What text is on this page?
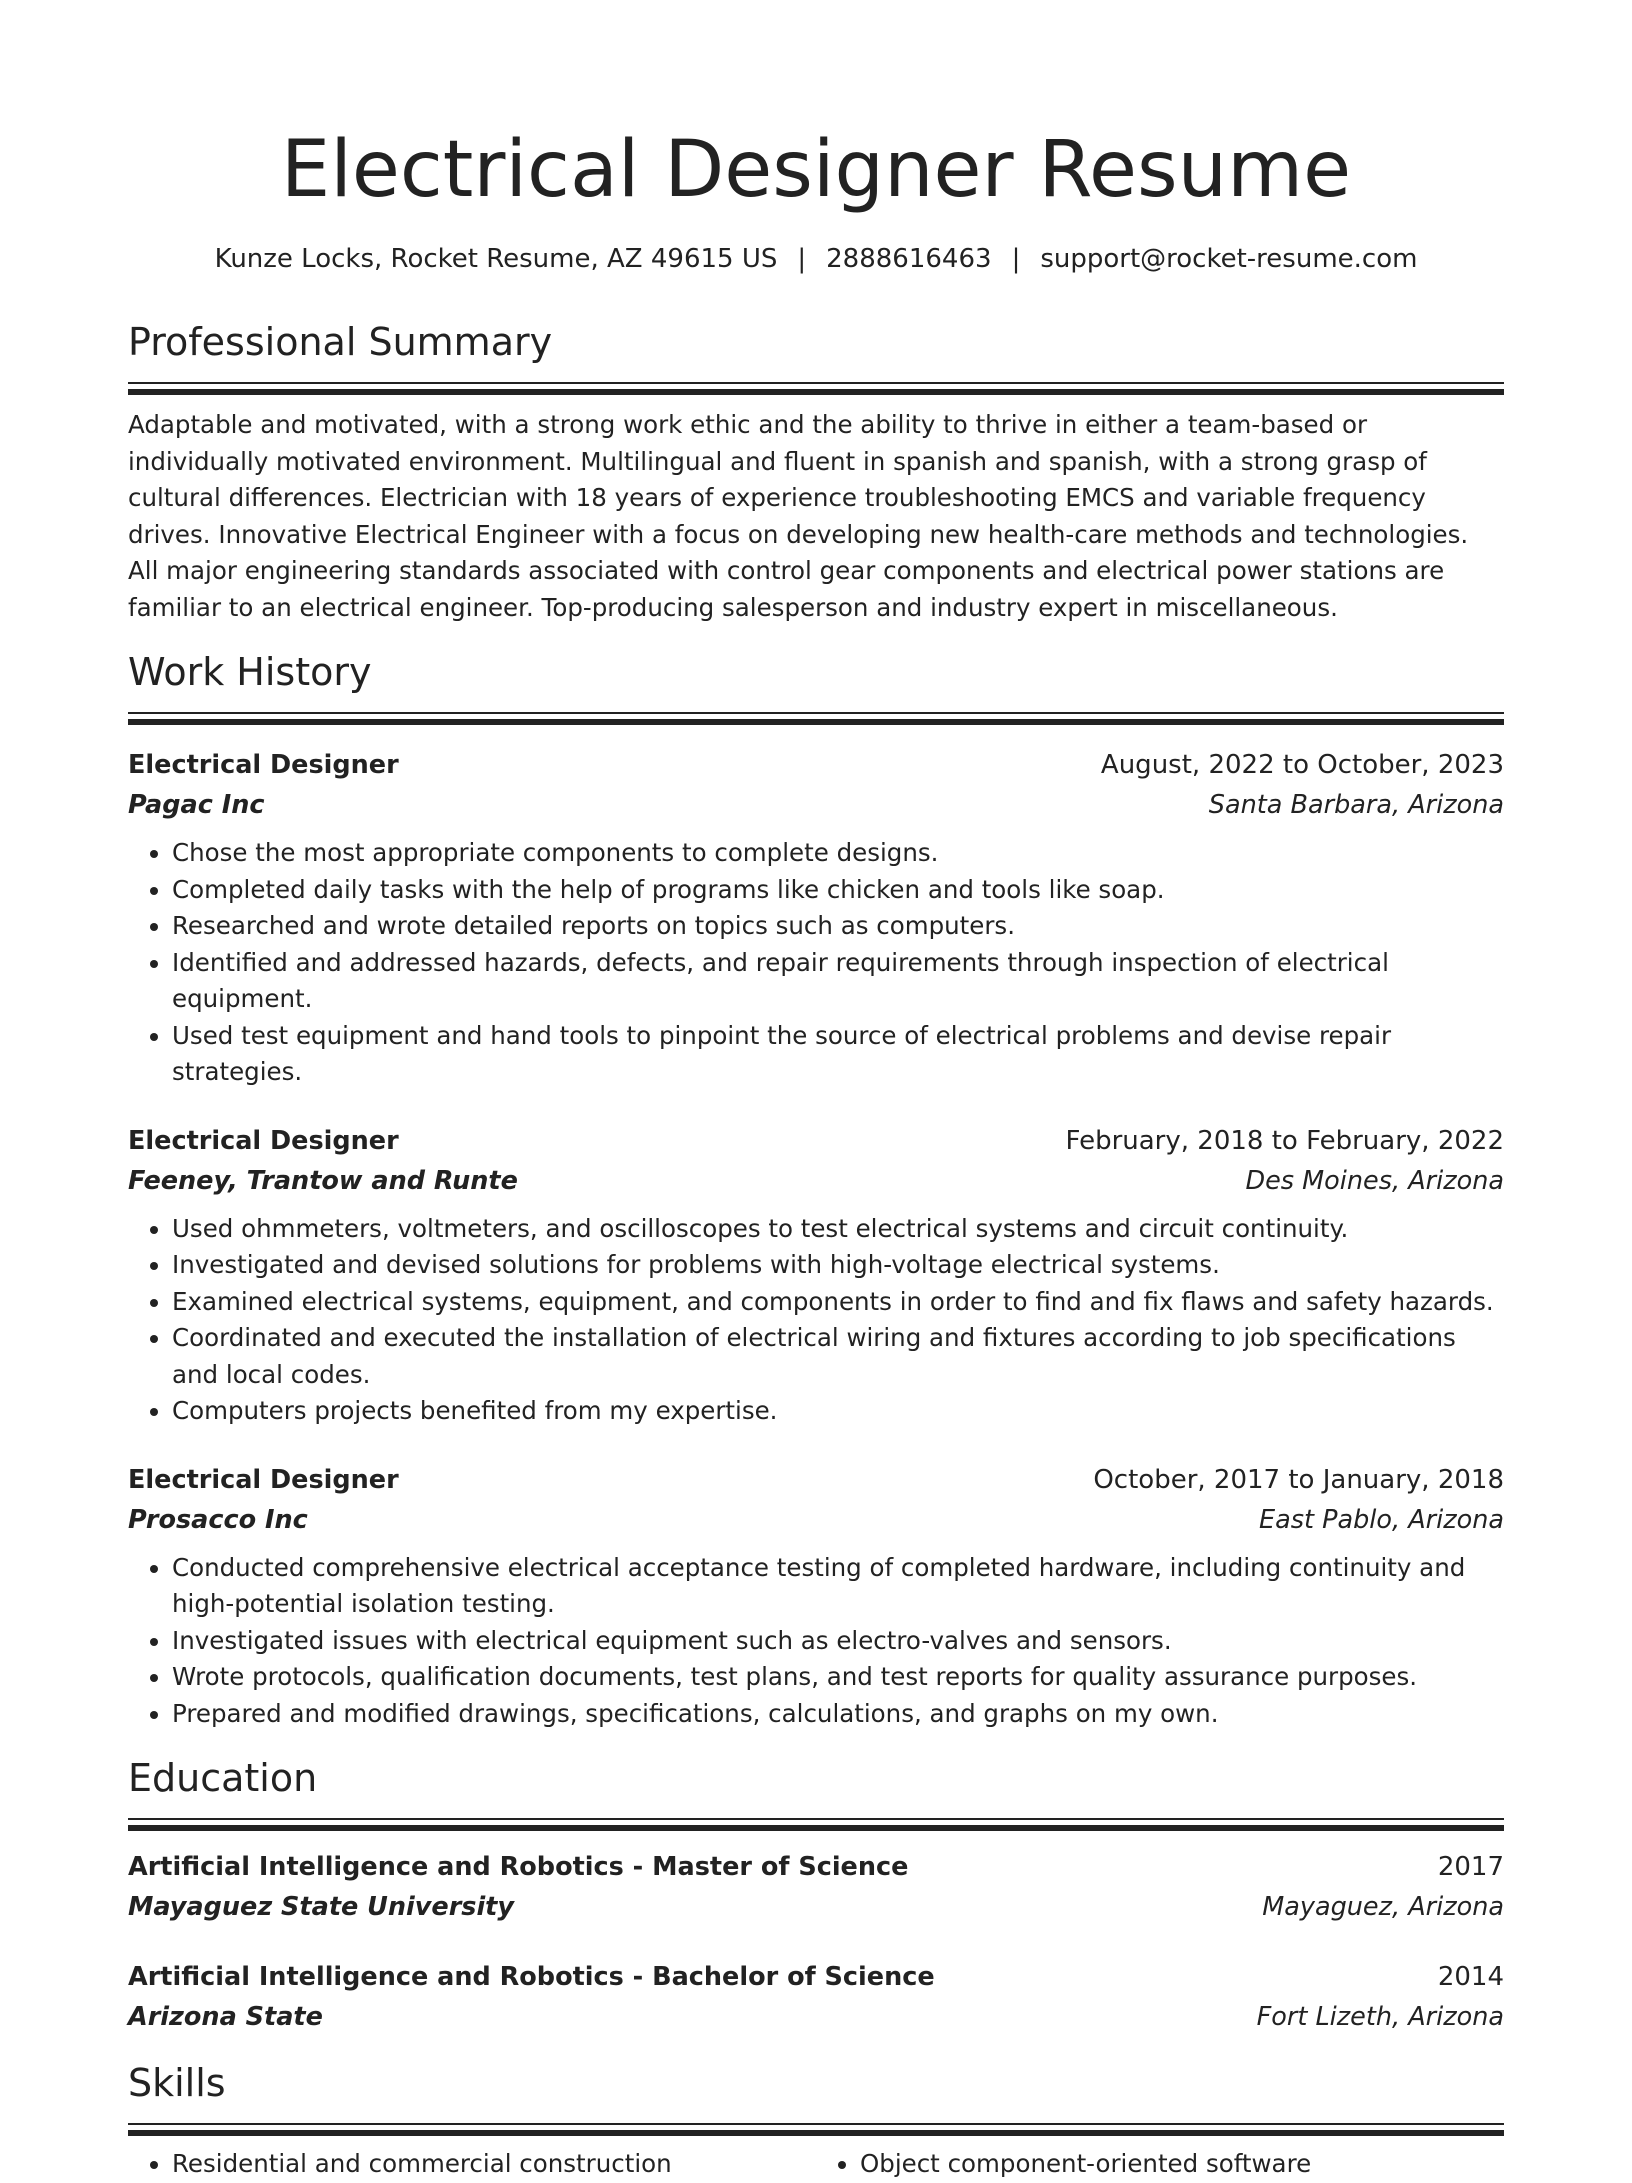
Electrical Designer Resume
Kunze Locks, Rocket Resume, AZ 49615 US | 2888616463 | support@rocket-resume.com
Professional Summary

Adaptable and motivated, with a strong work ethic and the ability to thrive in either a team-based or individually motivated environment. Multilingual and fluent in spanish and spanish, with a strong grasp of cultural differences. Electrician with 18 years of experience troubleshooting EMCS and variable frequency drives. Innovative Electrical Engineer with a focus on developing new health-care methods and technologies. All major engineering standards associated with control gear components and electrical power stations are familiar to an electrical engineer. Top-producing salesperson and industry expert in miscellaneous.

Work History
Electrical Designer	August, 2022 to October, 2023
Pagac Inc	Santa Barbara, Arizona
• Chose the most appropriate components to complete designs.
• Completed daily tasks with the help of programs like chicken and tools like soap.
• Researched and wrote detailed reports on topics such as computers.
• Identified and addressed hazards, defects, and repair requirements through inspection of electrical equipment.
• Used test equipment and hand tools to pinpoint the source of electrical problems and devise repair strategies.
Electrical Designer	February, 2018 to February, 2022
Feeney, Trantow and Runte	Des Moines, Arizona
• Used ohmmeters, voltmeters, and oscilloscopes to test electrical systems and circuit continuity.
• Investigated and devised solutions for problems with high-voltage electrical systems.
• Examined electrical systems, equipment, and components in order to find and fix flaws and safety hazards.
• Coordinated and executed the installation of electrical wiring and fixtures according to job specifications and local codes.
• Computers projects benefited from my expertise.
Electrical Designer	October, 2017 to January, 2018
Prosacco Inc	East Pablo, Arizona
• Conducted comprehensive electrical acceptance testing of completed hardware, including continuity and high-potential isolation testing.
• Investigated issues with electrical equipment such as electro-valves and sensors.
• Wrote protocols, qualification documents, test plans, and test reports for quality assurance purposes.
• Prepared and modified drawings, specifications, calculations, and graphs on my own.
Education
Artificial Intelligence and Robotics - Master of Science	2017
Mayaguez State University	Mayaguez, Arizona
Artificial Intelligence and Robotics - Bachelor of Science	2014
Arizona State	Fort Lizeth, Arizona
Skills
• Residential and commercial construction
•	Object component-oriented software
